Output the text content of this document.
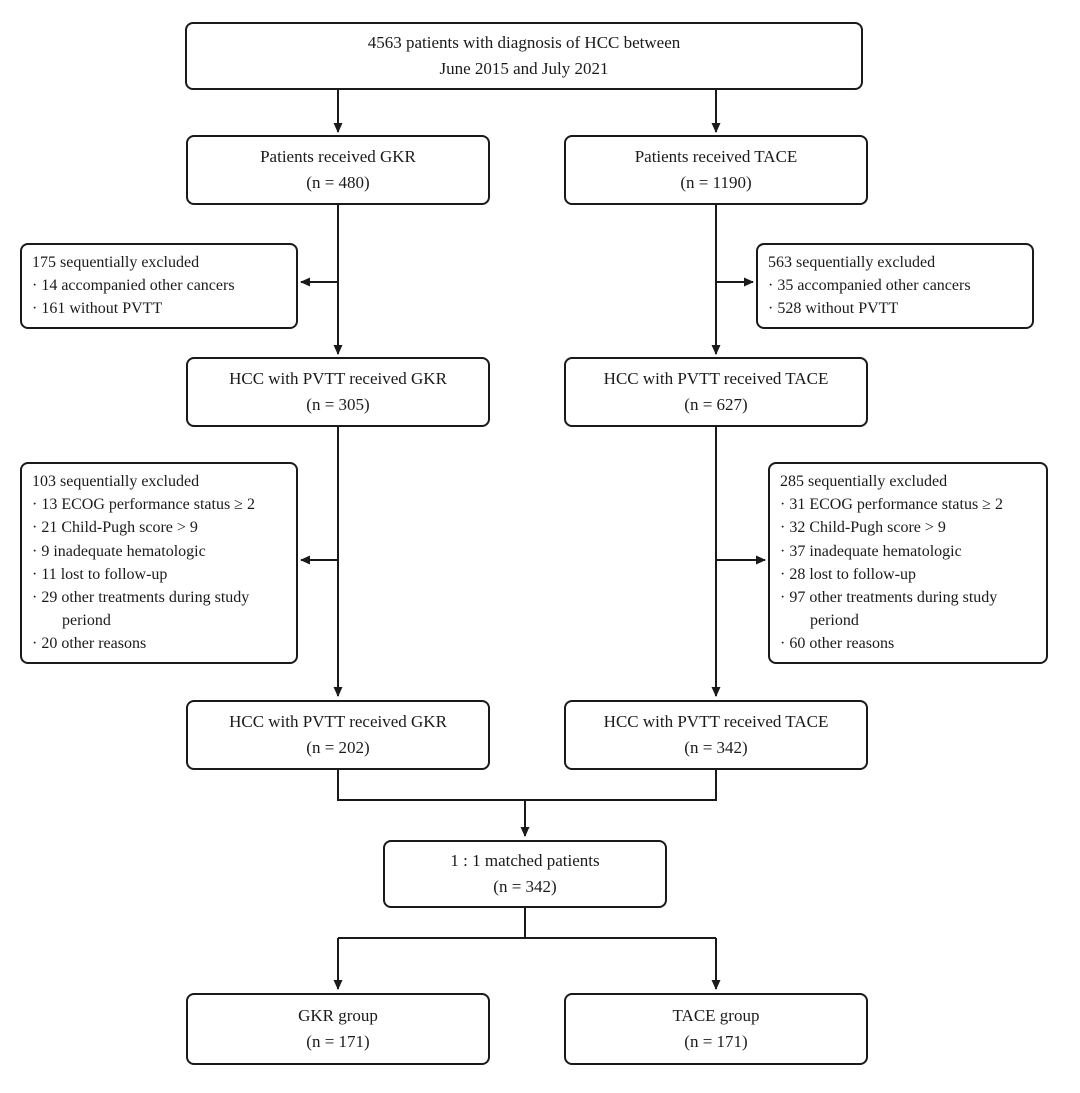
4563 patients with diagnosis of HCC between
June 2015 and July 2021
Patients received GKR
(n = 480)
Patients received TACE
(n = 1190)
175 sequentially excluded
· 14 accompanied other cancers
· 161 without PVTT
563 sequentially excluded
· 35 accompanied other cancers
· 528 without PVTT
HCC with PVTT received GKR
(n = 305)
HCC with PVTT received TACE
(n = 627)
103 sequentially excluded
· 13 ECOG performance status ≥ 2
· 21 Child-Pugh score > 9
· 9 inadequate hematologic
· 11 lost to follow-up
· 29 other treatments during study
periond
· 20 other reasons
285 sequentially excluded
· 31 ECOG performance status ≥ 2
· 32 Child-Pugh score > 9
· 37 inadequate hematologic
· 28 lost to follow-up
· 97 other treatments during study
periond
· 60 other reasons
HCC with PVTT received GKR
(n = 202)
HCC with PVTT received TACE
(n = 342)
1 : 1 matched patients
(n = 342)
GKR group
(n = 171)
TACE group
(n = 171)
